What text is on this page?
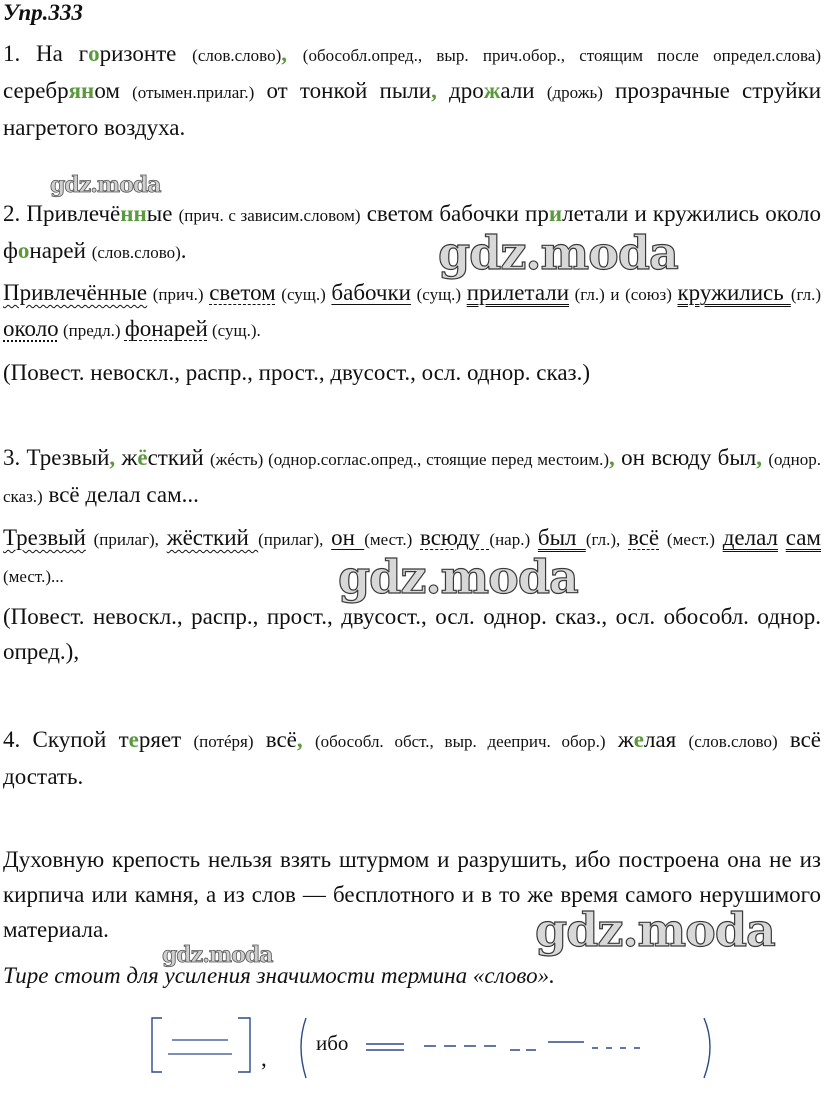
Упр.333
1. На горизонте (слов.слово), (обособл.опред., выр. прич.обор., стоящим после определ.слова) серебряном (отымен.прилаг.) от тонкой пыли, дрожали (дрожь) прозрачные струйки нагретого воздуха.
2. Привлечённые (прич. с зависим.словом) светом бабочки прилетали и кружились около фонарей (слов.слово).
Привлечённые (прич.) светом (сущ.) бабочки (сущ.) прилетали (гл.) и (союз) кружились (гл.) около (предл.) фонарей (сущ.).
(Повест. невоскл., распр., прост., двусост., осл. однор. сказ.)
3. Трезвый, жёсткий (жéсть) (однор.соглас.опред., стоящие перед местоим.), он всюду был, (однор. сказ.) всё делал сам...
Трезвый (прилаг), жёсткий (прилаг), он (мест.) всюду (нар.) был (гл.), всё (мест.) делал сам (мест.)...
(Повест. невоскл., распр., прост., двусост., осл. однор. сказ., осл. обособл. однор. опред.),
4. Скупой теряет (потéря) всё, (обособл. обст., выр. дееприч. обор.) желая (слов.слово) всё достать.
Духовную крепость нельзя взять штурмом и разрушить, ибо построена она не из кирпича или камня, а из слов — бесплотного и в то же время самого нерушимого материала.
Тире стоит для усиления значимости термина «слово».
gdz.moda
gdz.moda
gdz.moda
gdz.moda
gdz.moda
,
ибо
